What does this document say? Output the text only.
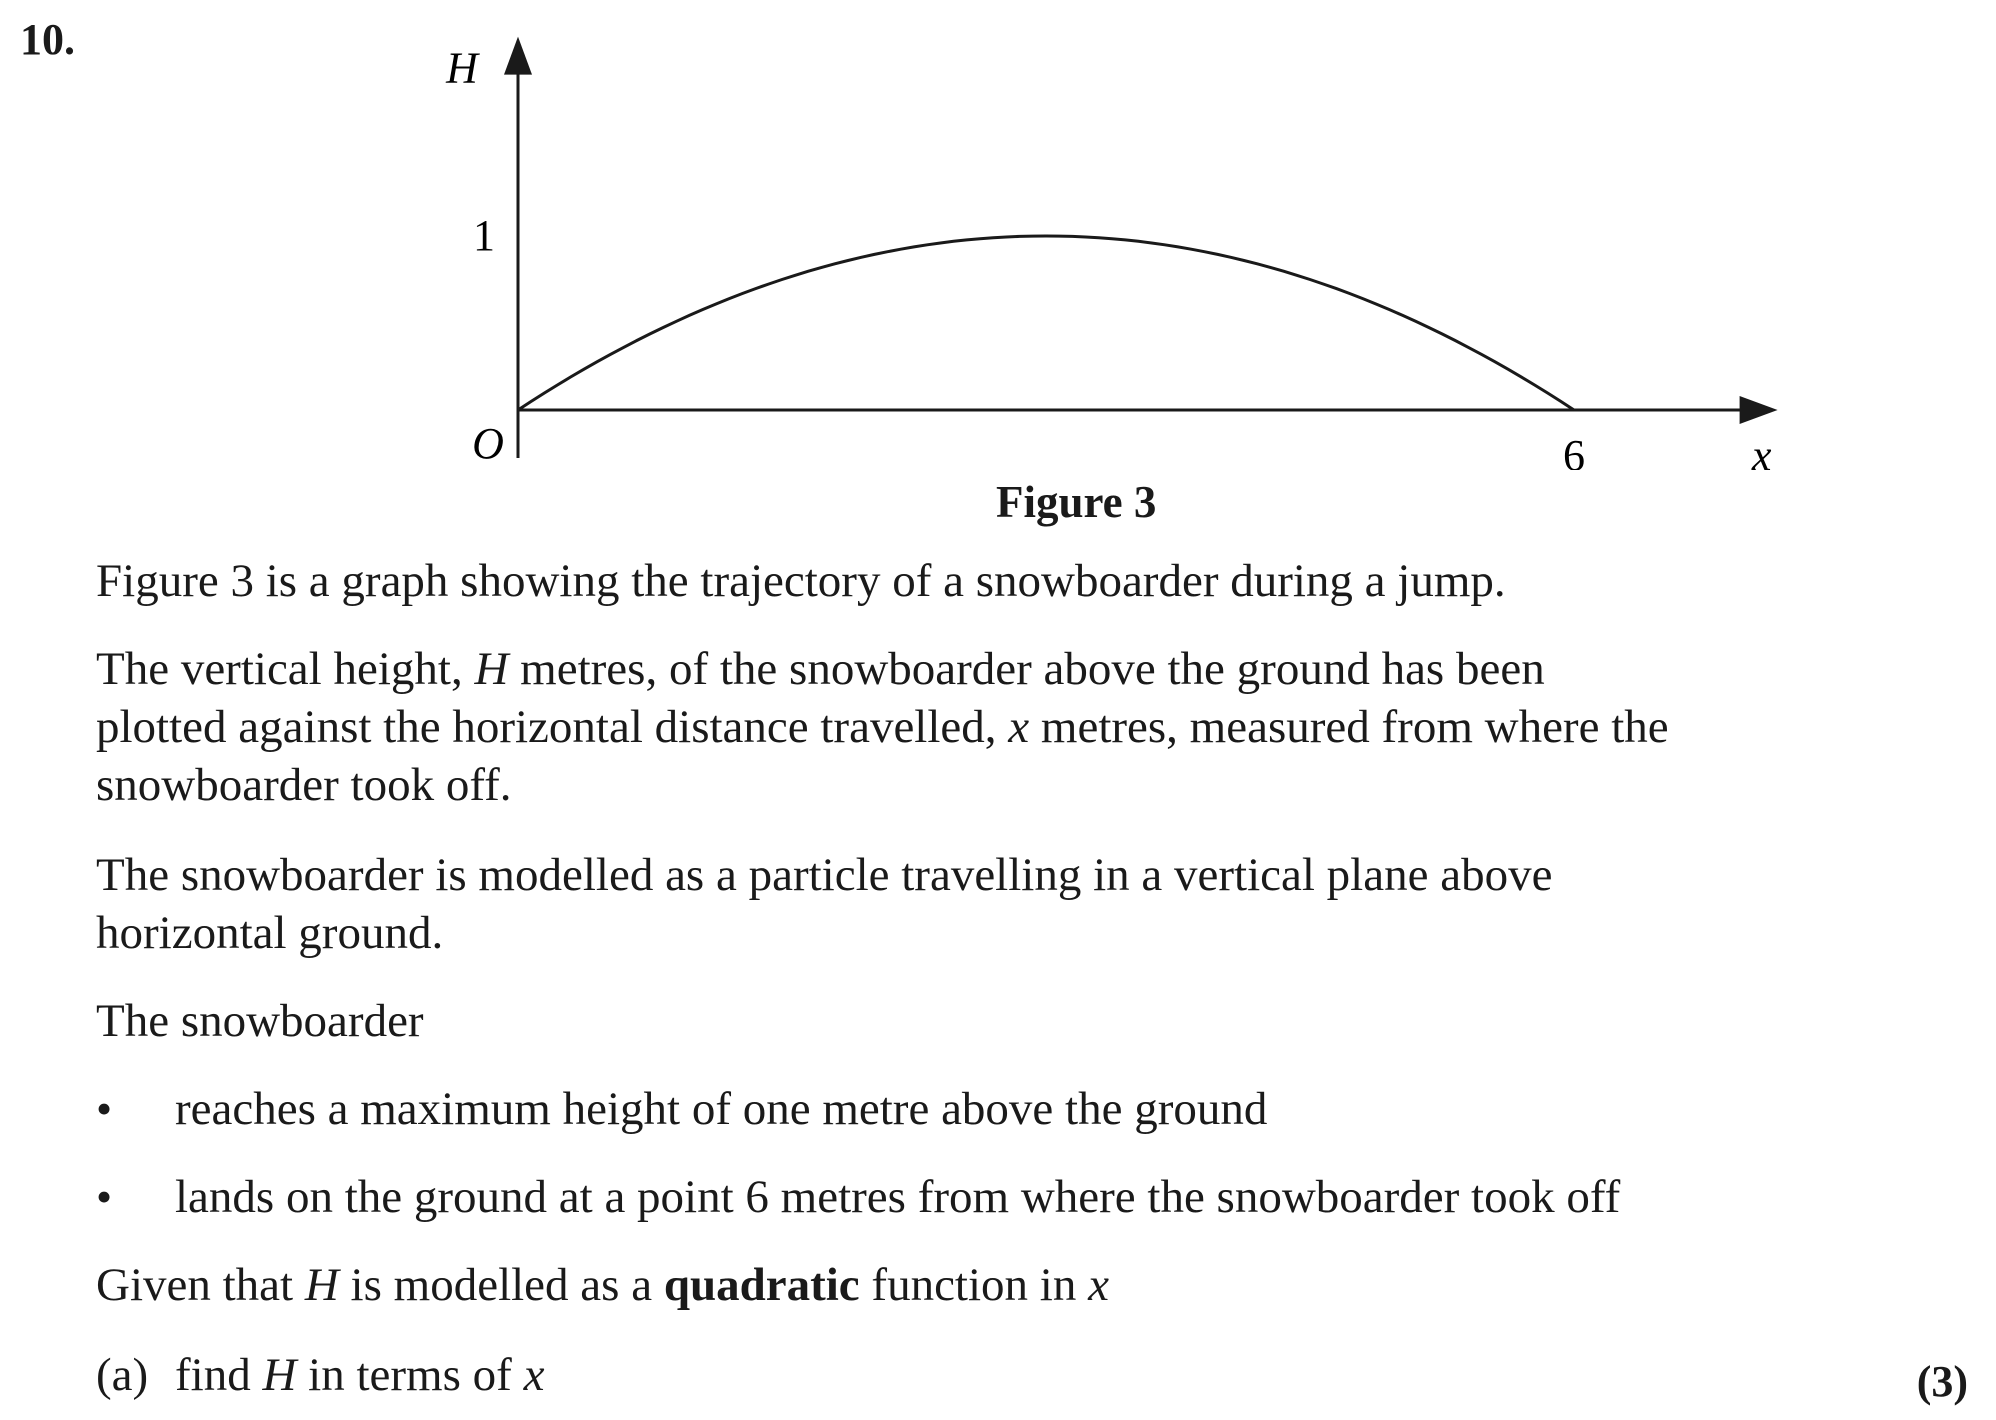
10.
H
x
O
1
6
Figure 3

Figure 3 is a graph showing the trajectory of a snowboarder during a jump.

The vertical height, H metres, of the snowboarder above the ground has been

plotted against the horizontal distance travelled, x metres, measured from where the

snowboarder took off.

The snowboarder is modelled as a particle travelling in a vertical plane above

horizontal ground.

The snowboarder

• reaches a maximum height of one metre above the ground
• lands on the ground at a point 6 metres from where the snowboarder took off

Given that H is modelled as a quadratic function in x

(a) find H in terms of x	(3)
